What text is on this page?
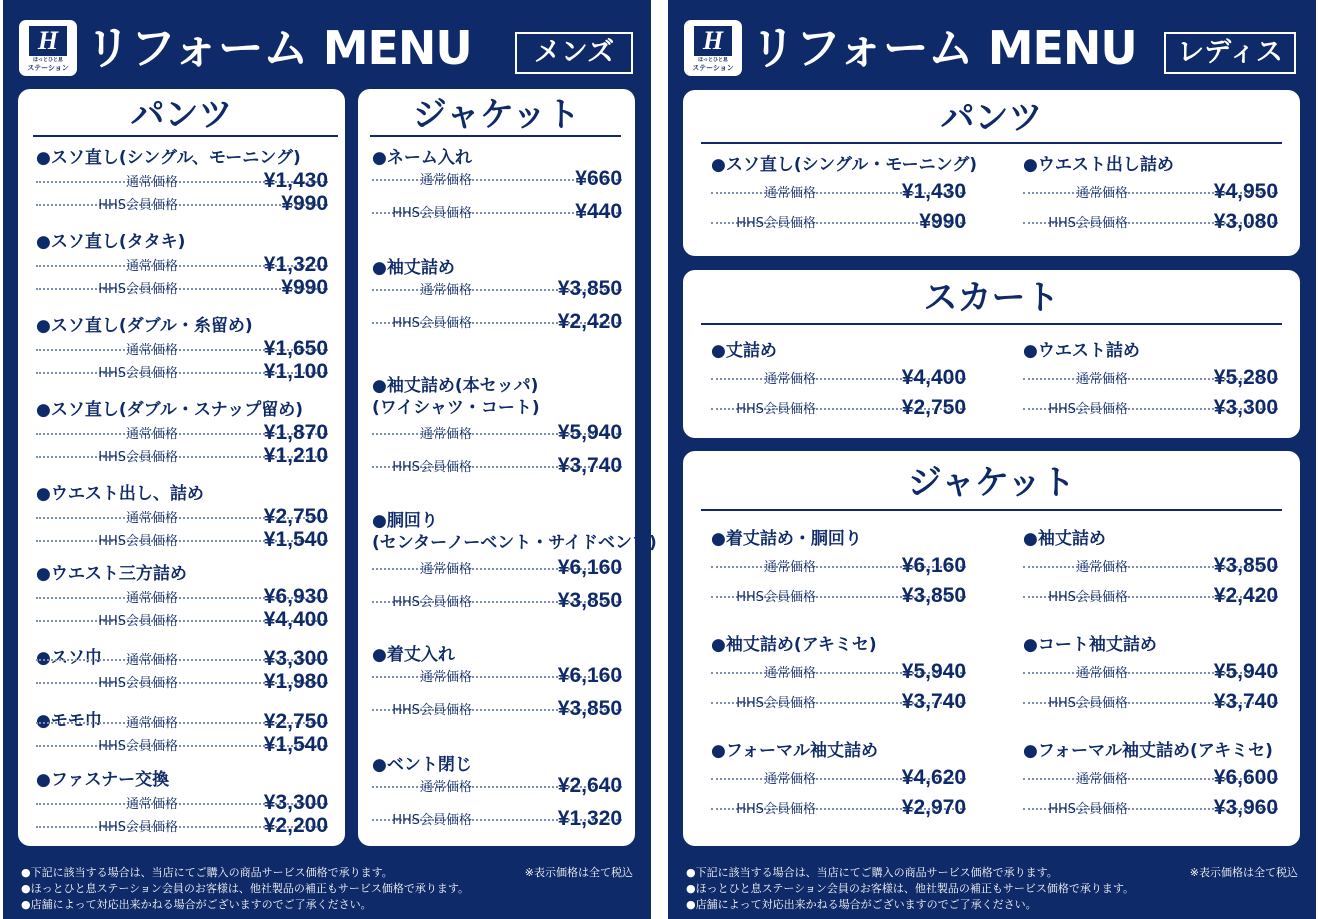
H
ほっとひと息
ステーション リフォーム MENU	メンズ
パンツ
●スソ直し(シングル、モーニング)
通常価格	¥1,430
HHS会員価格	¥990
●スソ直し(タタキ)
通常価格	¥1,320
HHS会員価格	¥990
●スソ直し(ダブル・糸留め)
通常価格	¥1,650
HHS会員価格	¥1,100
●スソ直し(ダブル・スナップ留め)
通常価格	¥1,870
HHS会員価格	¥1,210
●ウエスト出し、詰め
通常価格	¥2,750
HHS会員価格	¥1,540
●ウエスト三方詰め
通常価格	¥6,930
HHS会員価格	¥4,400
●スソ巾 通常価格	¥3,300
HHS会員価格	¥1,980
●モモ巾 通常価格	¥2,750
HHS会員価格	¥1,540
●ファスナー交換
通常価格	¥3,300
HHS会員価格	¥2,200
ジャケット
●ネーム入れ
通常価格	¥660
HHS会員価格	¥440
●袖丈詰め
通常価格	¥3,850
HHS会員価格	¥2,420
●袖丈詰め(本セッパ)
(ワイシャツ・コート)
通常価格	¥5,940
HHS会員価格	¥3,740
●胴回り
(センターノーベント・サイドベンツ)
通常価格	¥6,160
HHS会員価格	¥3,850
●着丈入れ
通常価格	¥6,160
HHS会員価格	¥3,850
●ベント閉じ
通常価格	¥2,640
HHS会員価格	¥1,320
●下記に該当する場合は、当店にてご購入の商品サービス価格で承ります。
●ほっとひと息ステーション会員のお客様は、他社製品の補正もサービス価格で承ります。
●店舗によって対応出来かねる場合がございますのでご了承ください。
※表示価格は全て税込
H
ほっとひと息
ステーション リフォーム MENU	レディス
パンツ
●スソ直し(シングル・モーニング)
通常価格	¥1,430
HHS会員価格	¥990
●ウエスト出し詰め
通常価格	¥4,950
HHS会員価格	¥3,080
スカート
●丈詰め
通常価格	¥4,400
HHS会員価格	¥2,750
●ウエスト詰め
通常価格	¥5,280
HHS会員価格	¥3,300
ジャケット
●着丈詰め・胴回り
通常価格	¥6,160
HHS会員価格	¥3,850
●袖丈詰め
通常価格	¥3,850
HHS会員価格	¥2,420
●袖丈詰め(アキミセ)
通常価格	¥5,940
HHS会員価格	¥3,740
●コート袖丈詰め
通常価格	¥5,940
HHS会員価格	¥3,740
●フォーマル袖丈詰め
通常価格	¥4,620
HHS会員価格	¥2,970
●フォーマル袖丈詰め(アキミセ)
通常価格	¥6,600
HHS会員価格	¥3,960
●下記に該当する場合は、当店にてご購入の商品サービス価格で承ります。
●ほっとひと息ステーション会員のお客様は、他社製品の補正もサービス価格で承ります。
●店舗によって対応出来かねる場合がございますのでご了承ください。
※表示価格は全て税込
